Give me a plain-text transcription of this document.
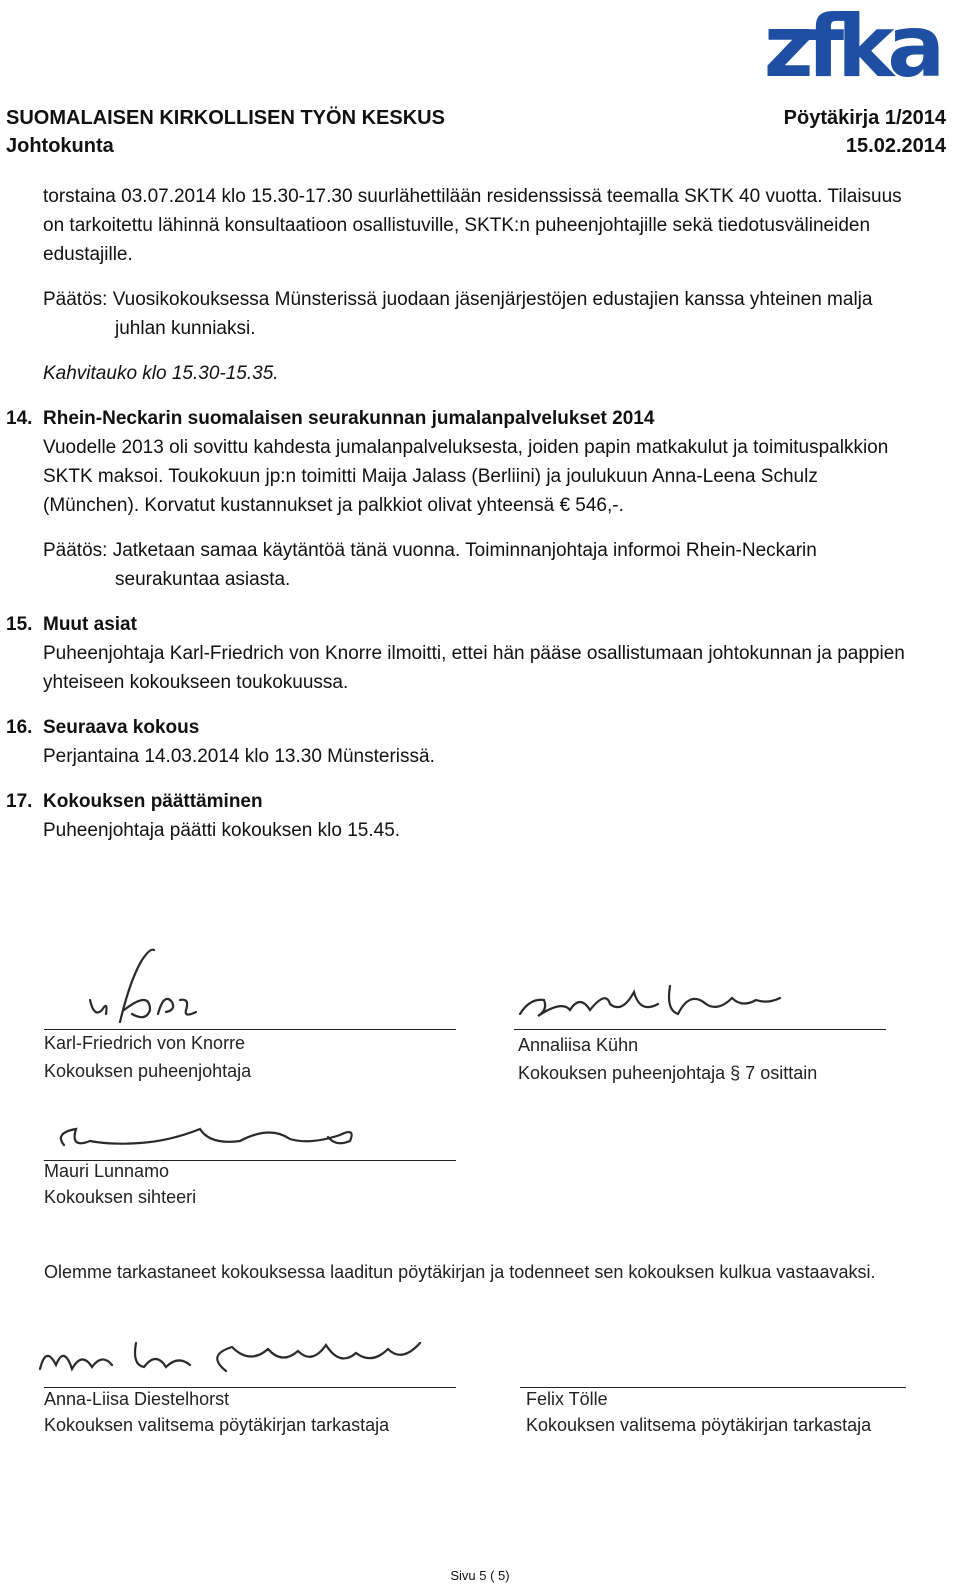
zfka
SUOMALAISEN KIRKOLLISEN TYÖN KESKUS	Pöytäkirja 1/2014
Johtokunta	15.02.2014
torstaina 03.07.2014 klo 15.30-17.30 suurlähettilään residenssissä teemalla SKTK 40 vuotta. Tilaisuus
on tarkoitettu lähinnä konsultaatioon osallistuville, SKTK:n puheenjohtajille sekä tiedotusvälineiden
edustajille.
Päätös: Vuosikokouksessa Münsterissä juodaan jäsenjärjestöjen edustajien kanssa yhteinen malja
juhlan kunniaksi.
Kahvitauko klo 15.30-15.35.
14. Rhein-Neckarin suomalaisen seurakunnan jumalanpalvelukset 2014
Vuodelle 2013 oli sovittu kahdesta jumalanpalveluksesta, joiden papin matkakulut ja toimituspalkkion
SKTK maksoi. Toukokuun jp:n toimitti Maija Jalass (Berliini) ja joulukuun Anna-Leena Schulz
(München). Korvatut kustannukset ja palkkiot olivat yhteensä € 546,-.
Päätös: Jatketaan samaa käytäntöä tänä vuonna. Toiminnanjohtaja informoi Rhein-Neckarin
seurakuntaa asiasta.
15. Muut asiat
Puheenjohtaja Karl-Friedrich von Knorre ilmoitti, ettei hän pääse osallistumaan johtokunnan ja pappien
yhteiseen kokoukseen toukokuussa.
16. Seuraava kokous
Perjantaina 14.03.2014 klo 13.30 Münsterissä.
17. Kokouksen päättäminen
Puheenjohtaja päätti kokouksen klo 15.45.
Karl-Friedrich von Knorre
Kokouksen puheenjohtaja
Annaliisa Kühn
Kokouksen puheenjohtaja § 7 osittain
Mauri Lunnamo
Kokouksen sihteeri
Olemme tarkastaneet kokouksessa laaditun pöytäkirjan ja todenneet sen kokouksen kulkua vastaavaksi.
Anna-Liisa Diestelhorst
Kokouksen valitsema pöytäkirjan tarkastaja
Felix Tölle
Kokouksen valitsema pöytäkirjan tarkastaja
Sivu 5 ( 5)
